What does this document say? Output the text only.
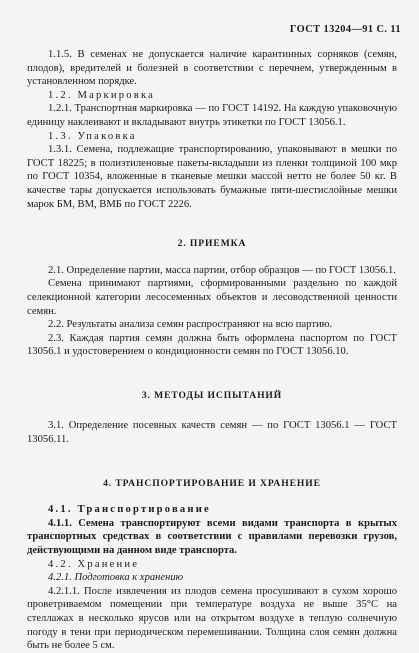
ГОСТ 13204—91 С. 11

1.1.5. В семенах не допускается наличие карантинных сорняков (семян, плодов), вредителей и болезней в соответствии с перечнем, утвержденным в установленном порядке.

1.2. Маркировка

1.2.1. Транспортная маркировка — по ГОСТ 14192. На каждую упаковочную единицу наклеивают и вкладывают внутрь этикетки по ГОСТ 13056.1.

1.3. Упаковка

1.3.1. Семена, подлежащие транспортированию, упаковывают в мешки по ГОСТ 18225; в полиэтиленовые пакеты-вкладыши из пленки толщиной 100 мкр по ГОСТ 10354, вложенные в тканевые мешки массой нетто не более 50 кг. В качестве тары допускается использовать бумажные пяти-шестислойные мешки марок БМ, ВМ, ВМБ по ГОСТ 2226.

2. ПРИЕМКА

2.1. Определение партии, масса партии, отбор образцов — по ГОСТ 13056.1.

Семена принимают партиями, сформированными раздельно по каждой селекционной категории лесосеменных объектов и лесоводственной ценности семян.

2.2. Результаты анализа семян распространяют на всю партию.

2.3. Каждая партия семян должна быть оформлена паспортом по ГОСТ 13056.1 и удостоверением о кондиционности семян по ГОСТ 13056.10.

3. МЕТОДЫ ИСПЫТАНИЙ

3.1. Определение посевных качеств семян — по ГОСТ 13056.1 — ГОСТ 13056.11.

4. ТРАНСПОРТИРОВАНИЕ И ХРАНЕНИЕ

4.1. Транспортирование

4.1.1. Семена транспортируют всеми видами транспорта в крытых транспортных средствах в соответствии с правилами перевозки грузов, действующими на данном виде транспорта.

4.2. Хранение

4.2.1. Подготовка к хранению

4.2.1.1. После извлечения из плодов семена просушивают в сухом хорошо проветриваемом помещении при температуре воздуха не выше 35°С на стеллажах в несколько ярусов или на открытом воздухе в теплую солнечную погоду в тени при периодическом перемешивании. Толщина слоя семян должна быть не более 5 см.
